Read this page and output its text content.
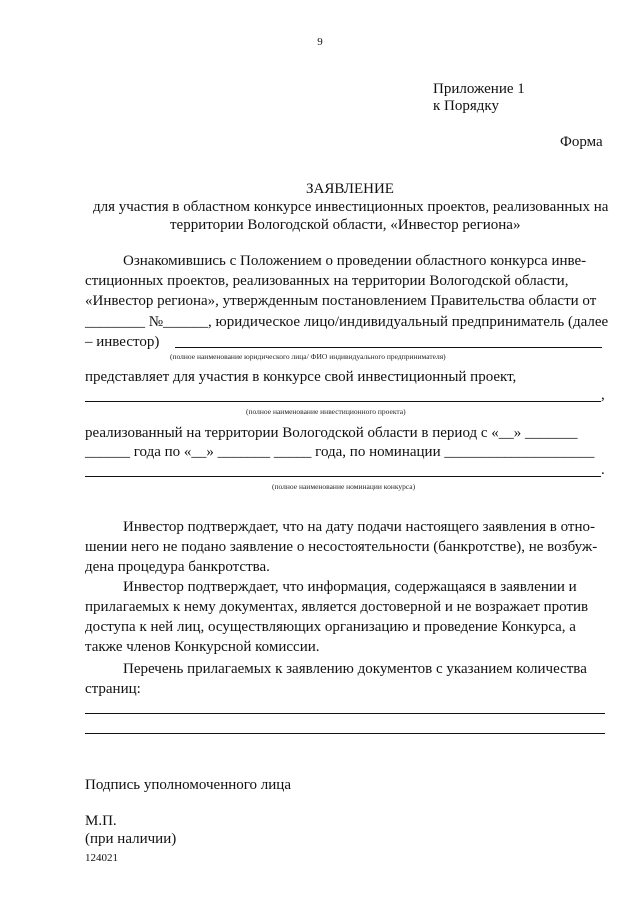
9
Приложение 1
к Порядку
Форма
ЗАЯВЛЕНИЕ
для участия в областном конкурсе инвестиционных проектов, реализованных на
территории Вологодской области, «Инвестор региона»
Ознакомившись с Положением о проведении областного конкурса инве-
стиционных проектов, реализованных на территории Вологодской области,
«Инвестор региона», утвержденным постановлением Правительства области от
________ №______, юридическое лицо/индивидуальный предприниматель (далее
– инвестор)
(полное наименование юридического лица/ ФИО индивидуального предпринимателя)
представляет для участия в конкурсе свой инвестиционный проект,
,
(полное наименование инвестиционного проекта)
реализованный на территории Вологодской области в период с «__» _______
______ года по «__» _______ _____ года, по номинации ____________________
.
(полное наименование номинации конкурса)
Инвестор подтверждает, что на дату подачи настоящего заявления в отно-
шении него не подано заявление о несостоятельности (банкротстве), не возбуж-
дена процедура банкротства.
Инвестор подтверждает, что информация, содержащаяся в заявлении и
прилагаемых к нему документах, является достоверной и не возражает против
доступа к ней лиц, осуществляющих организацию и проведение Конкурса, а
также членов Конкурсной комиссии.
Перечень прилагаемых к заявлению документов с указанием количества
страниц:
Подпись уполномоченного лица
М.П.
(при наличии)
124021
